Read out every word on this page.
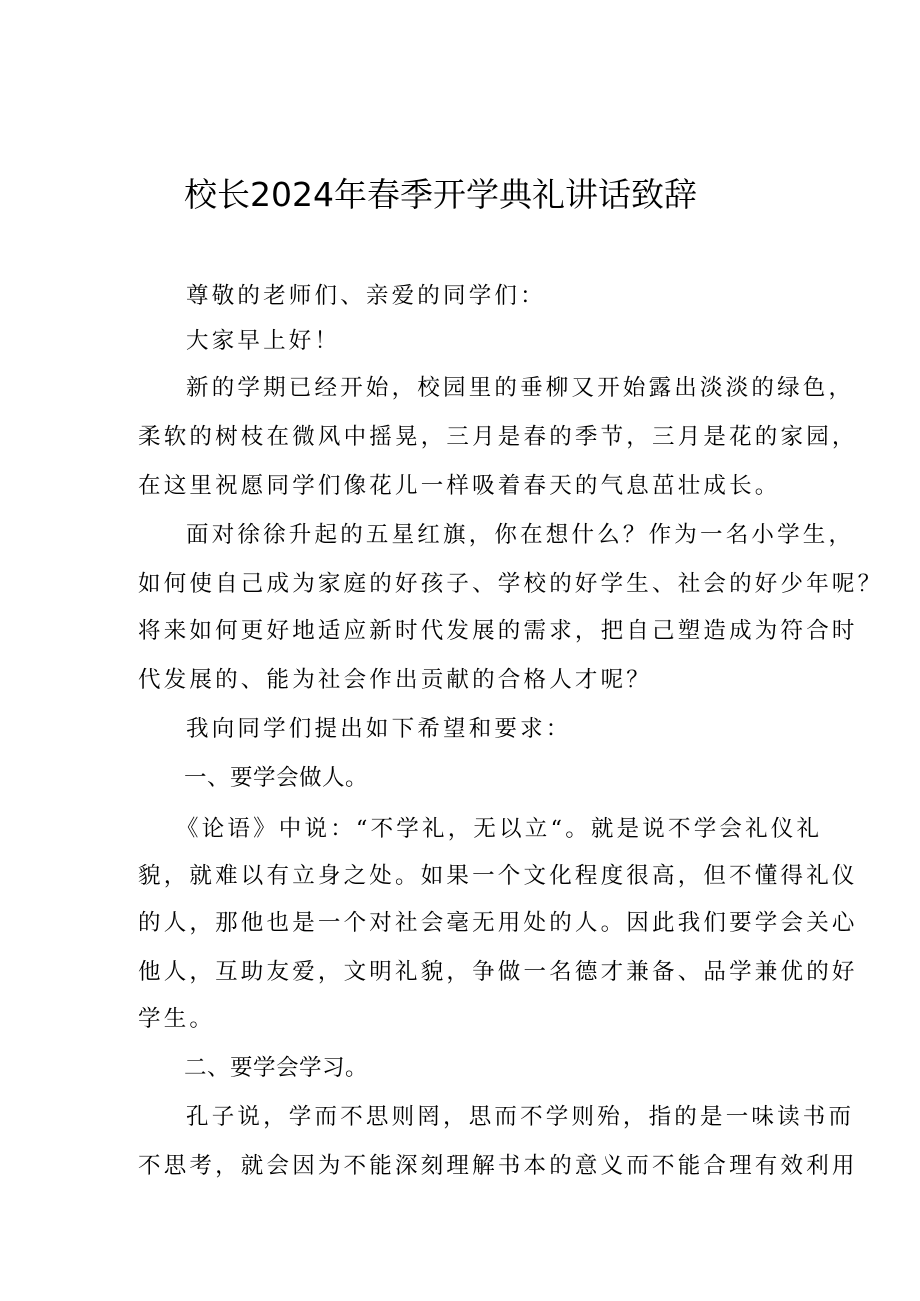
校长2024年春季开学典礼讲话致辞
尊敬的老师们、亲爱的同学们：
大家早上好！
新的学期已经开始，校园里的垂柳又开始露出淡淡的绿色，
柔软的树枝在微风中摇晃，三月是春的季节，三月是花的家园，
在这里祝愿同学们像花儿一样吸着春天的气息茁壮成长。
面对徐徐升起的五星红旗，你在想什么？作为一名小学生，
如何使自己成为家庭的好孩子、学校的好学生、社会的好少年呢？
将来如何更好地适应新时代发展的需求，把自己塑造成为符合时
代发展的、能为社会作出贡献的合格人才呢？
我向同学们提出如下希望和要求：
一、要学会做人。
《论语》中说：“不学礼，无以立“。就是说不学会礼仪礼
貌，就难以有立身之处。如果一个文化程度很高，但不懂得礼仪
的人，那他也是一个对社会毫无用处的人。因此我们要学会关心
他人，互助友爱，文明礼貌，争做一名德才兼备、品学兼优的好
学生。
二、要学会学习。
孔子说，学而不思则罔，思而不学则殆，指的是一味读书而
不思考，就会因为不能深刻理解书本的意义而不能合理有效利用
